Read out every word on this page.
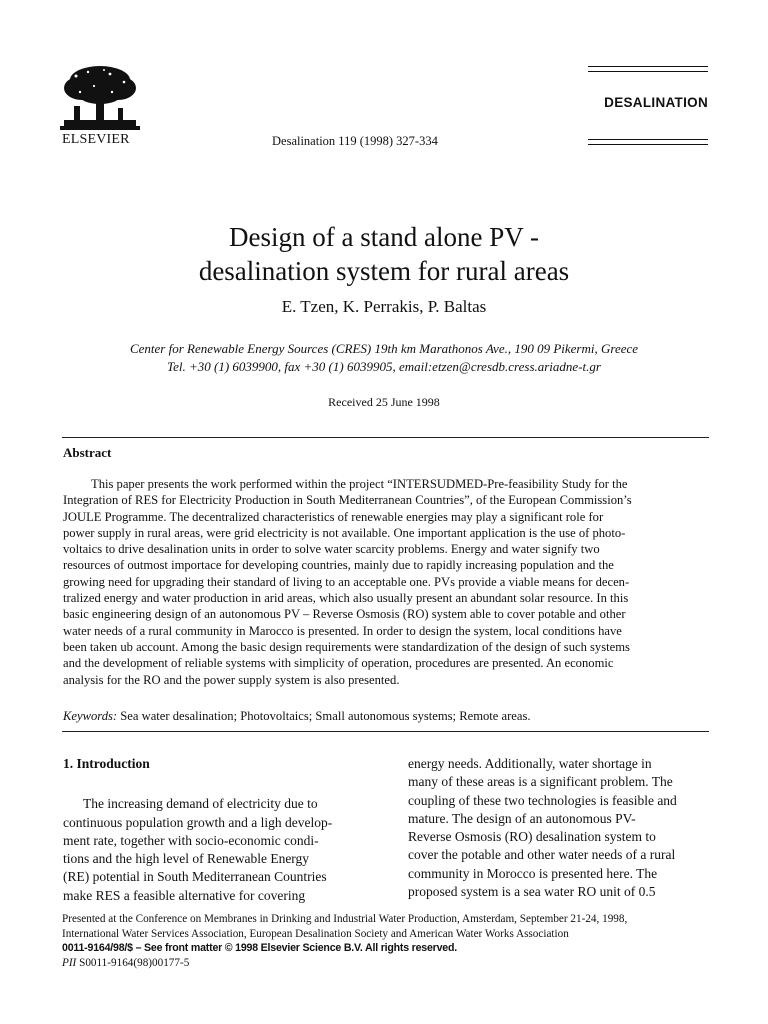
ELSEVIER	Desalination 119 (1998) 327-334
DESALINATION
Design of a stand alone PV -
desalination system for rural areas
E. Tzen, K. Perrakis, P. Baltas
Center for Renewable Energy Sources (CRES) 19th km Marathonos Ave., 190 09 Pikermi, Greece
Tel. +30 (1) 6039900, fax +30 (1) 6039905, email:etzen@cresdb.cress.ariadne-t.gr
Received 25 June 1998
Abstract
This paper presents the work performed within the project “INTERSUDMED-Pre-feasibility Study for the
Integration of RES for Electricity Production in South Mediterranean Countries”, of the European Commission’s
JOULE Programme. The decentralized characteristics of renewable energies may play a significant role for
power supply in rural areas, were grid electricity is not available. One important application is the use of photo-
voltaics to drive desalination units in order to solve water scarcity problems. Energy and water signify two
resources of outmost importace for developing countries, mainly due to rapidly increasing population and the
growing need for upgrading their standard of living to an acceptable one. PVs provide a viable means for decen-
tralized energy and water production in arid areas, which also usually present an abundant solar resource. In this
basic engineering design of an autonomous PV – Reverse Osmosis (RO) system able to cover potable and other
water needs of a rural community in Marocco is presented. In order to design the system, local conditions have
been taken ub account. Among the basic design requirements were standardization of the design of such systems
and the development of reliable systems with simplicity of operation, procedures are presented. An economic
analysis for the RO and the power supply system is also presented.
Keywords: Sea water desalination; Photovoltaics; Small autonomous systems; Remote areas.
1. Introduction
The increasing demand of electricity due to
continuous population growth and a ligh develop-
ment rate, together with socio-economic condi-
tions and the high level of Renewable Energy
(RE) potential in South Mediterranean Countries
make RES a feasible alternative for covering
energy needs. Additionally, water shortage in
many of these areas is a significant problem. The
coupling of these two technologies is feasible and
mature. The design of an autonomous PV-
Reverse Osmosis (RO) desalination system to
cover the potable and other water needs of a rural
community in Morocco is presented here. The
proposed system is a sea water RO unit of 0.5
Presented at the Conference on Membranes in Drinking and Industrial Water Production, Amsterdam, September 21-24, 1998,
International Water Services Association, European Desalination Society and American Water Works Association
0011-9164/98/$ – See front matter © 1998 Elsevier Science B.V. All rights reserved.
PII S0011-9164(98)00177-5
